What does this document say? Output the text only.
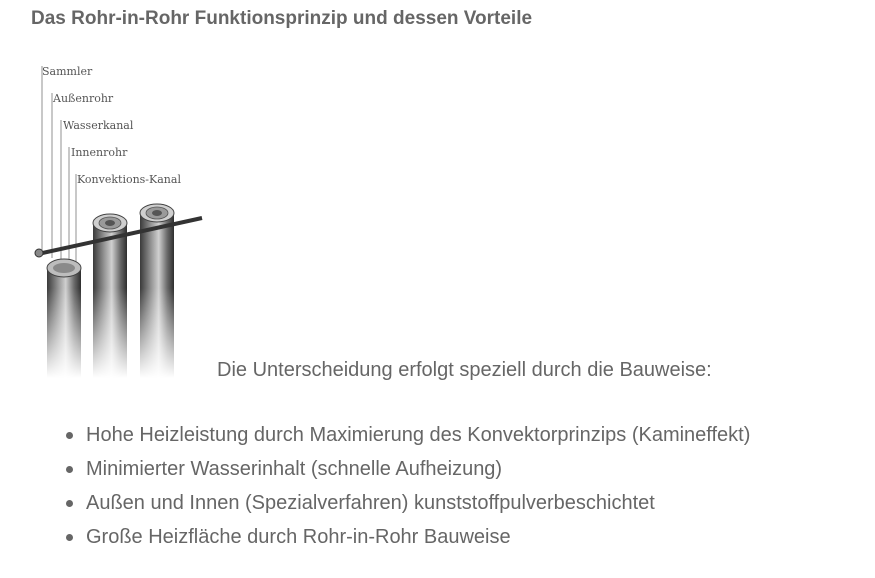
Das Rohr-in-Rohr Funktionsprinzip und dessen Vorteile
Sammler
Außenrohr
Wasserkanal
Innenrohr
Konvektions-Kanal
Die Unterscheidung erfolgt speziell durch die Bauweise:
Hohe Heizleistung durch Maximierung des Konvektorprinzips (Kamineffekt)
Minimierter Wasserinhalt (schnelle Aufheizung)
Außen und Innen (Spezialverfahren) kunststoffpulverbeschichtet
Große Heizfläche durch Rohr-in-Rohr Bauweise
